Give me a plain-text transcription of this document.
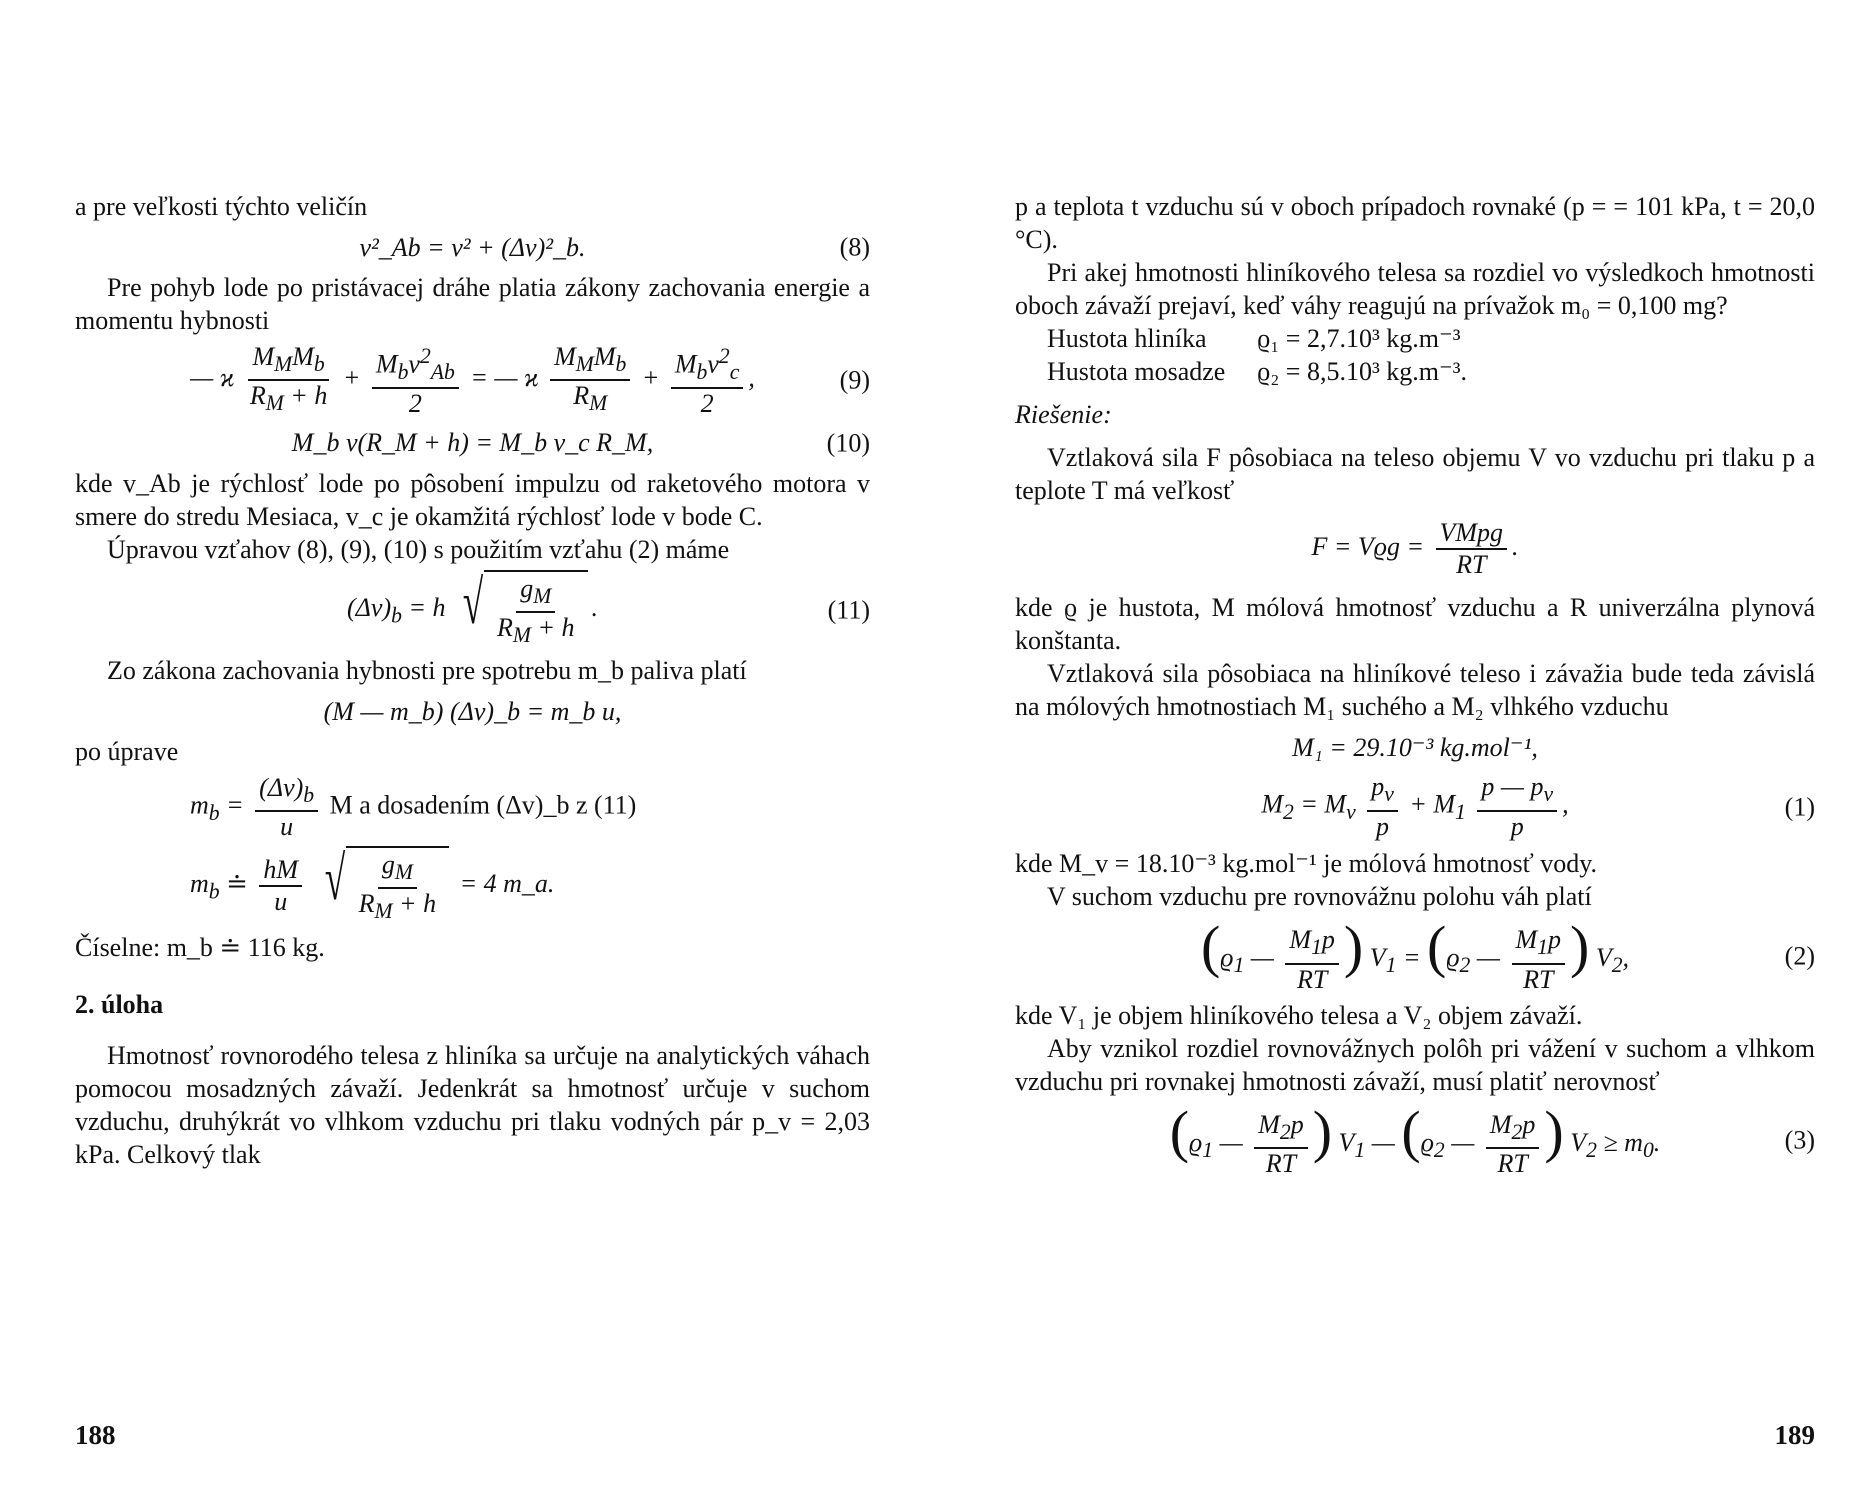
a pre veľkosti týchto veličín

v²_Ab = v² + (Δv)²_b.	(8)

Pre pohyb lode po pristávacej dráhe platia zákony zachovania energie a momentu hybnosti

— ϰ $\frac{M_MM_b}{R_M + h} + \frac{M_bv^2_{Ab}}{2}$ = — ϰ $\frac{M_MM_b}{R_M} + \frac{M_bv^2_c}{2}$ ,	(9)
M_b v(R_M + h) = M_b v_c R_M,	(10)

kde v_Ab je rýchlosť lode po pôsobení impulzu od raketového motora v smere do stredu Mesiaca, v_c je okamžitá rýchlosť lode v bode C.

Úpravou vzťahov (8), (9), (10) s použitím vzťahu (2) máme

$(\Delta v)_b = h$ √ $\frac{g_M}{R_M + h}$ .	(11)

Zo zákona zachovania hybnosti pre spotrebu m_b paliva platí

(M — m_b) (Δv)_b = m_b u,

po úprave

$m_b = \frac{(\Delta v)_b}{u}$ M a dosadením (Δv)_b z (11)
$m_b$ ≐ $\frac{hM}{u}$
√ $\frac{g_M}{R_M + h} = 4$ m_a.

Číselne: m_b ≐ 116 kg.

2. úloha

Hmotnosť rovnorodého telesa z hliníka sa určuje na analytických váhach pomocou mosadzných závaží. Jedenkrát sa hmotnosť určuje v suchom vzduchu, druhýkrát vo vlhkom vzduchu pri tlaku vodných pár p_v = 2,03 kPa. Celkový tlak

188

p a teplota t vzduchu sú v oboch prípadoch rovnaké (p = = 101 kPa, t = 20,0 °C).

Pri akej hmotnosti hliníkového telesa sa rozdiel vo výsledkoch hmotnosti oboch závaží prejaví, keď váhy reagujú na prívažok m₀ = 0,100 mg?

Hustota hliníka	ϱ₁ = 2,7.10³ kg.m⁻³
Hustota mosadze	ϱ₂ = 8,5.10³ kg.m⁻³.

Riešenie:

Vztlaková sila F pôsobiaca na teleso objemu V vo vzduchu pri tlaku p a teplote T má veľkosť

$F = Vϱg = \frac{\text{VMpg}}{RT}$ .

kde ϱ je hustota, M mólová hmotnosť vzduchu a R univerzálna plynová konštanta.

Vztlaková sila pôsobiaca na hliníkové teleso i závažia bude teda závislá na mólových hmotnostiach M₁ suchého a M₂ vlhkého vzduchu

M₁ = 29.10⁻³ kg.mol⁻¹,
$M_2 = M_v \frac{p_v}{p} + M_1 \frac{p — p_v}{p}$ ,	(1)

kde M_v = 18.10⁻³ kg.mol⁻¹ je mólová hmotnosť vody.

V suchom vzduchu pre rovnovážnu polohu váh platí

($ϱ_1$ — $\frac{M_1p}{RT}$ ) $V_1 = (ϱ_2$ — $\frac{M_1p}{RT}$ ) $V_2$,	(2)

kde V₁ je objem hliníkového telesa a V₂ objem závaží.

Aby vznikol rozdiel rovnovážnych polôh pri vážení v suchom a vlhkom vzduchu pri rovnakej hmotnosti závaží, musí platiť nerovnosť

($ϱ_1$ — $\frac{M_2p}{RT}$ ) $V_1$ — ($ϱ_2$ — $\frac{M_2p}{RT}$ ) $V_2 \ge m_0$.	(3)
189
